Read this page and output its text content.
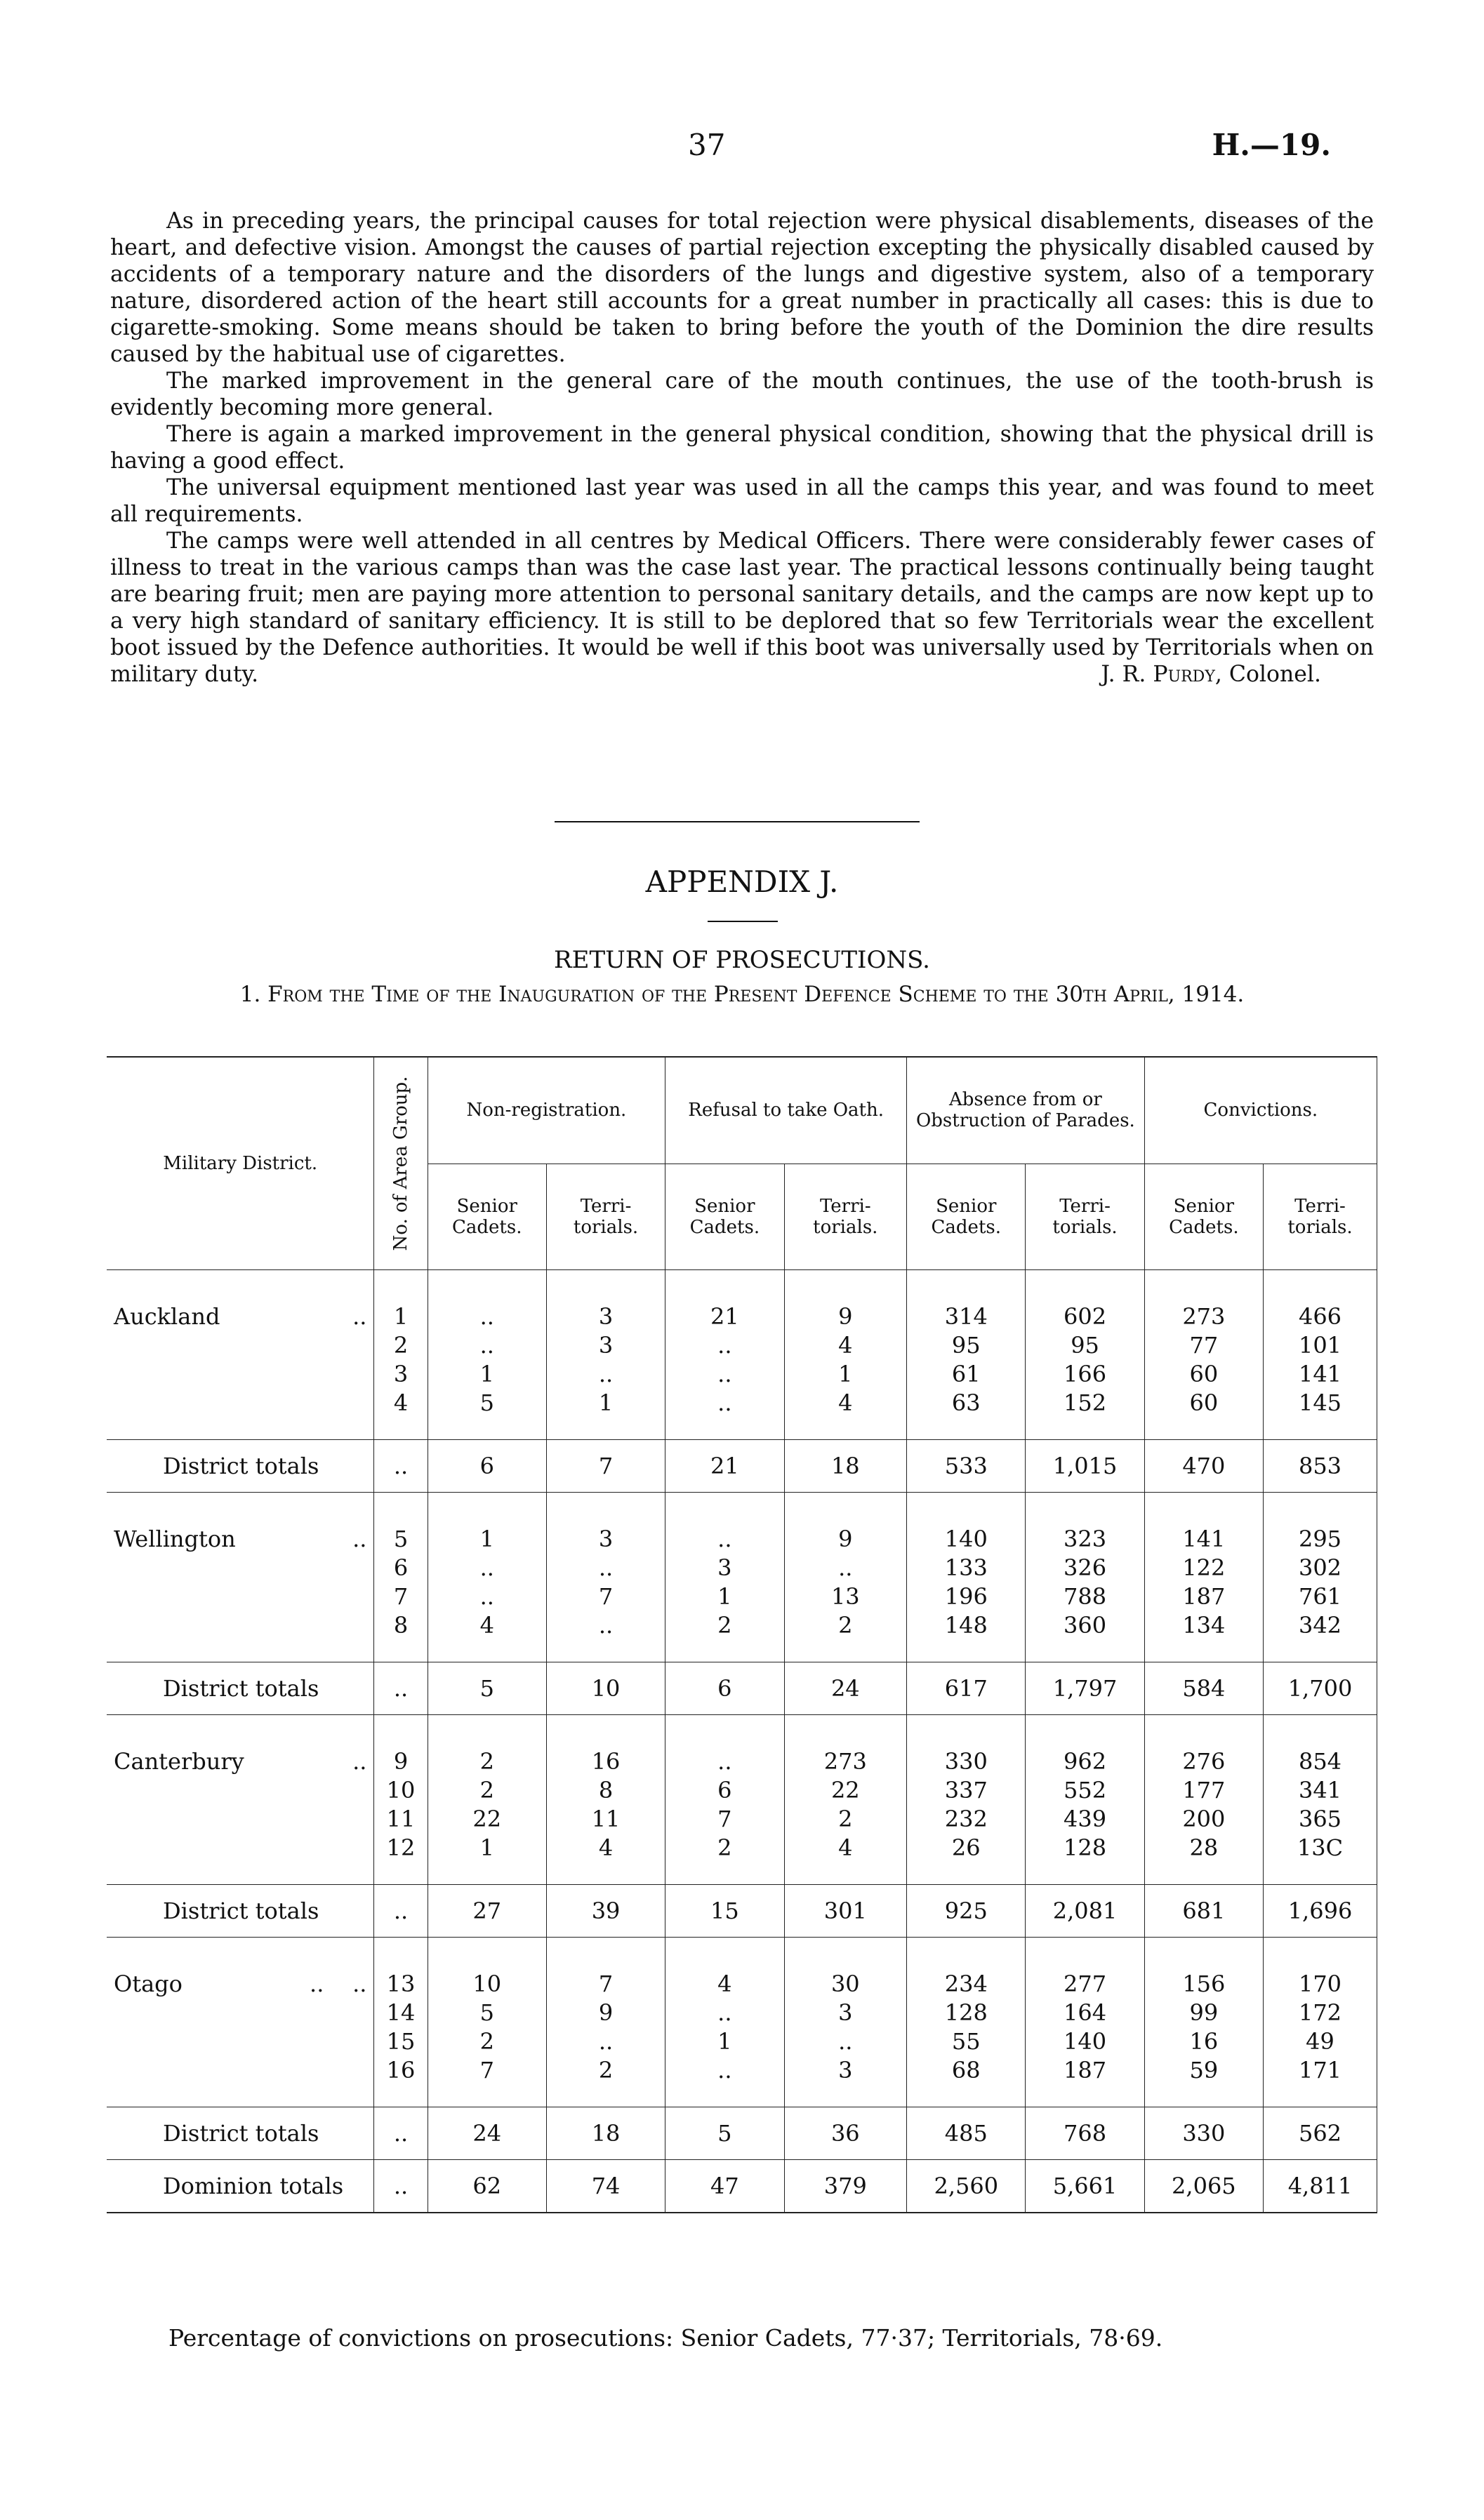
37	H.—19.

As in preceding years, the principal causes for total rejection were physical disablements, diseases of the heart, and defective vision. Amongst the causes of partial rejection excepting the physically disabled caused by accidents of a temporary nature and the disorders of the lungs and digestive system, also of a temporary nature, disordered action of the heart still accounts for a great number in practically all cases: this is due to cigarette-smoking. Some means should be taken to bring before the youth of the Dominion the dire results caused by the habitual use of cigarettes.

The marked improvement in the general care of the mouth continues, the use of the tooth-brush is evidently becoming more general.

There is again a marked improvement in the general physical condition, showing that the physical drill is having a good effect.

The universal equipment mentioned last year was used in all the camps this year, and was found to meet all requirements.

The camps were well attended in all centres by Medical Officers. There were considerably fewer cases of illness to treat in the various camps than was the case last year. The practical lessons continually being taught are bearing fruit; men are paying more attention to personal sanitary details, and the camps are now kept up to a very high standard of sanitary efficiency. It is still to be deplored that so few Territorials wear the excellent boot issued by the Defence authorities. It would be well if this boot was universally used by Territorials when on military duty.	J. R. Purdy, Colonel.
APPENDIX J.
RETURN OF PROSECUTIONS.
1. From the Time of the Inauguration of the Present Defence Scheme to the 30th April, 1914.
Military District.	No. of Area Group.	Non-registration.		Refusal to take Oath.		Absence from or Obstruction of Parades.		Convictions.	
		Senior Cadets.	Terri-torials.	Senior Cadets.	Terri-torials.	Senior Cadets.	Terri-torials.	Senior Cadets.	Terri-torials.

Auckland ..	1	..	3	21	9	314	602	273	466
	2	..	3	..	4	95	95	77	101
	3	1	..	..	1	61	166	60	141
	4	5	1	..	4	63	152	60	145

District totals	..	6	7	21	18	533	1,015	470	853

Wellington ..	5	1	3	..	9	140	323	141	295
	6	..	..	3	..	133	326	122	302
	7	..	7	1	13	196	788	187	761
	8	4	..	2	2	148	360	134	342

District totals	..	5	10	6	24	617	1,797	584	1,700

Canterbury ..	9	2	16	..	273	330	962	276	854
	10	2	8	6	22	337	552	177	341
	11	22	11	7	2	232	439	200	365
	12	1	4	2	4	26	128	28	13С

District totals	..	27	39	15	301	925	2,081	681	1,696

Otago ..    ..	13	10	7	4	30	234	277	156	170
	14	5	9	..	3	128	164	99	172
	15	2	..	1	..	55	140	16	49
	16	7	2	..	3	68	187	59	171

District totals	..	24	18	5	36	485	768	330	562
Dominion totals	..	62	74	47	379	2,560	5,661	2,065	4,811
Percentage of convictions on prosecutions: Senior Cadets, 77·37; Territorials, 78·69.
